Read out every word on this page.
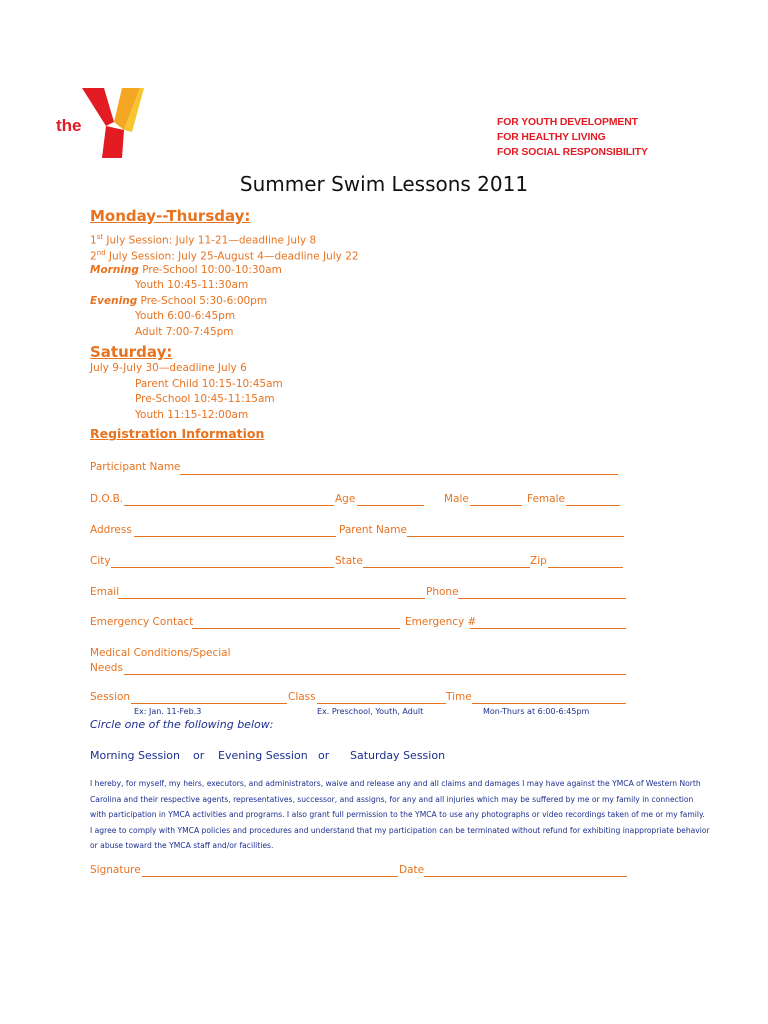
the
YMCA
FOR YOUTH DEVELOPMENT
FOR HEALTHY LIVING
FOR SOCIAL RESPONSIBILITY
Summer Swim Lessons 2011
Monday--Thursday:
1st July Session: July 11-21—deadline July 8
2nd July Session: July 25-August 4—deadline July 22
Morning Pre-School 10:00-10:30am
Youth 10:45-11:30am
Evening Pre-School 5:30-6:00pm
Youth 6:00-6:45pm
Adult 7:00-7:45pm
Saturday:
July 9-July 30—deadline July 6
Parent Child 10:15-10:45am
Pre-School 10:45-11:15am
Youth 11:15-12:00am
Registration Information
Participant Name
D.O.B.	Age	Male	Female
Address	Parent Name
City	State	Zip
Email	Phone
Emergency Contact	Emergency #
Medical Conditions/Special
Needs
Session	Class	Time
Ex: Jan. 11-Feb.3	Ex. Preschool, Youth, Adult	Mon-Thurs at 6:00-6:45pm
Circle one of the following below:
Morning Session or Evening Session or Saturday Session
I hereby, for myself, my heirs, executors, and administrators, waive and release any and all claims and damages I may have against the YMCA of Western North
Carolina and their respective agents, representatives, successor, and assigns, for any and all injuries which may be suffered by me or my family in connection
with participation in YMCA activities and programs. I also grant full permission to the YMCA to use any photographs or video recordings taken of me or my family.
I agree to comply with YMCA policies and procedures and understand that my participation can be terminated without refund for exhibiting inappropriate behavior
or abuse toward the YMCA staff and/or facilities.
Signature	Date
